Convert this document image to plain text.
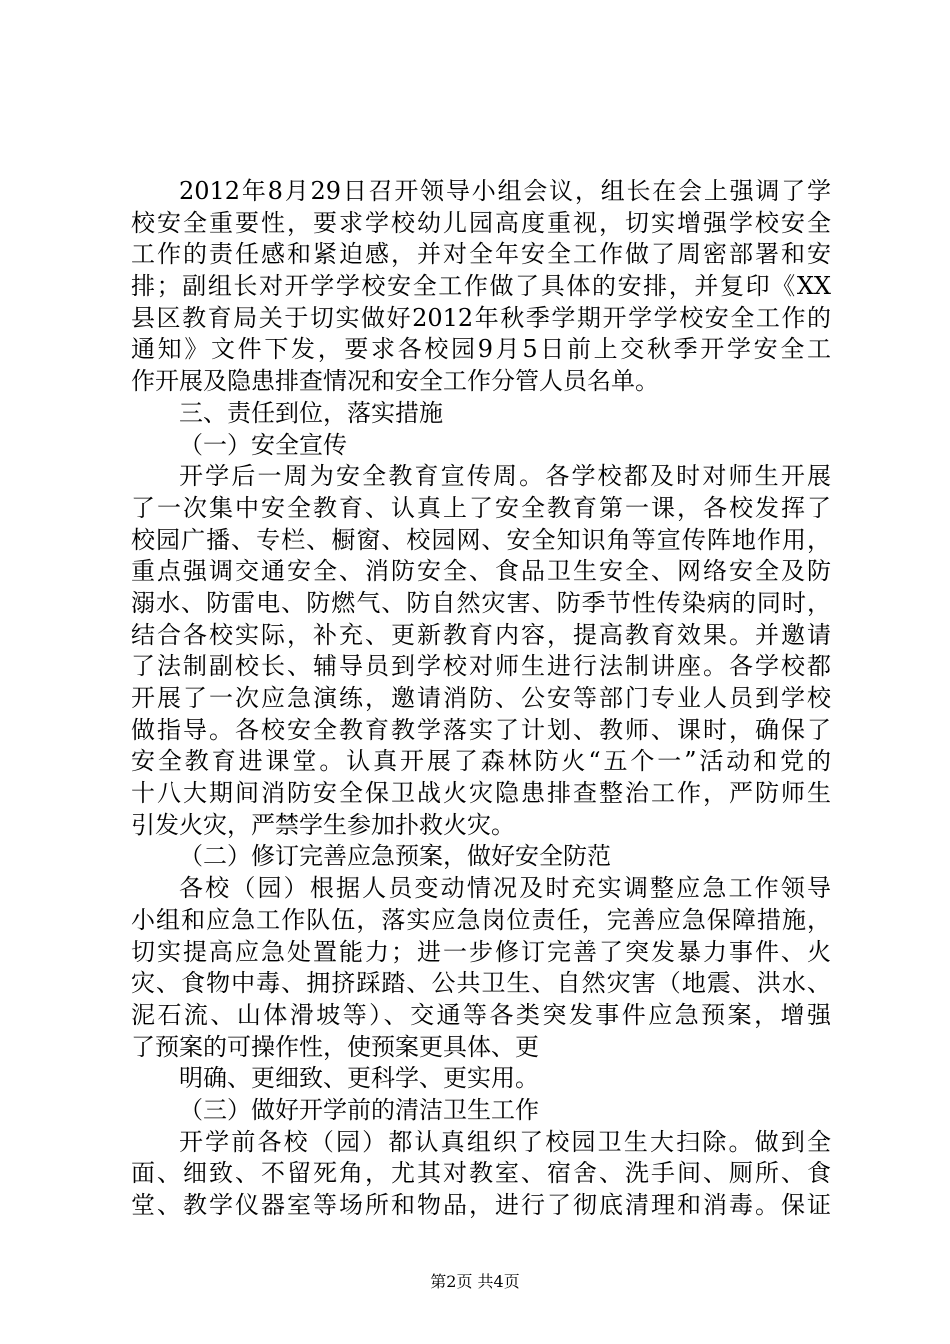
2012年8月29日召开领导小组会议，组长在会上强调了学
校安全重要性，要求学校幼儿园高度重视，切实增强学校安全
工作的责任感和紧迫感，并对全年安全工作做了周密部署和安
排；副组长对开学学校安全工作做了具体的安排，并复印《XX
县区教育局关于切实做好2012年秋季学期开学学校安全工作的
通知》文件下发，要求各校园9月5日前上交秋季开学安全工
作开展及隐患排查情况和安全工作分管人员名单。
三、责任到位，落实措施
（一）安全宣传
开学后一周为安全教育宣传周。各学校都及时对师生开展
了一次集中安全教育、认真上了安全教育第一课，各校发挥了
校园广播、专栏、橱窗、校园网、安全知识角等宣传阵地作用，
重点强调交通安全、消防安全、食品卫生安全、网络安全及防
溺水、防雷电、防燃气、防自然灾害、防季节性传染病的同时，
结合各校实际，补充、更新教育内容，提高教育效果。并邀请
了法制副校长、辅导员到学校对师生进行法制讲座。各学校都
开展了一次应急演练，邀请消防、公安等部门专业人员到学校
做指导。各校安全教育教学落实了计划、教师、课时，确保了
安全教育进课堂。认真开展了森林防火“五个一”活动和党的
十八大期间消防安全保卫战火灾隐患排查整治工作，严防师生
引发火灾，严禁学生参加扑救火灾。
（二）修订完善应急预案，做好安全防范
各校（园）根据人员变动情况及时充实调整应急工作领导
小组和应急工作队伍，落实应急岗位责任，完善应急保障措施，
切实提高应急处置能力；进一步修订完善了突发暴力事件、火
灾、食物中毒、拥挤踩踏、公共卫生、自然灾害（地震、洪水、
泥石流、山体滑坡等）、交通等各类突发事件应急预案，增强
了预案的可操作性，使预案更具体、更
明确、更细致、更科学、更实用。
（三）做好开学前的清洁卫生工作
开学前各校（园）都认真组织了校园卫生大扫除。做到全
面、细致、不留死角，尤其对教室、宿舍、洗手间、厕所、食
堂、教学仪器室等场所和物品，进行了彻底清理和消毒。保证
第2页 共4页
